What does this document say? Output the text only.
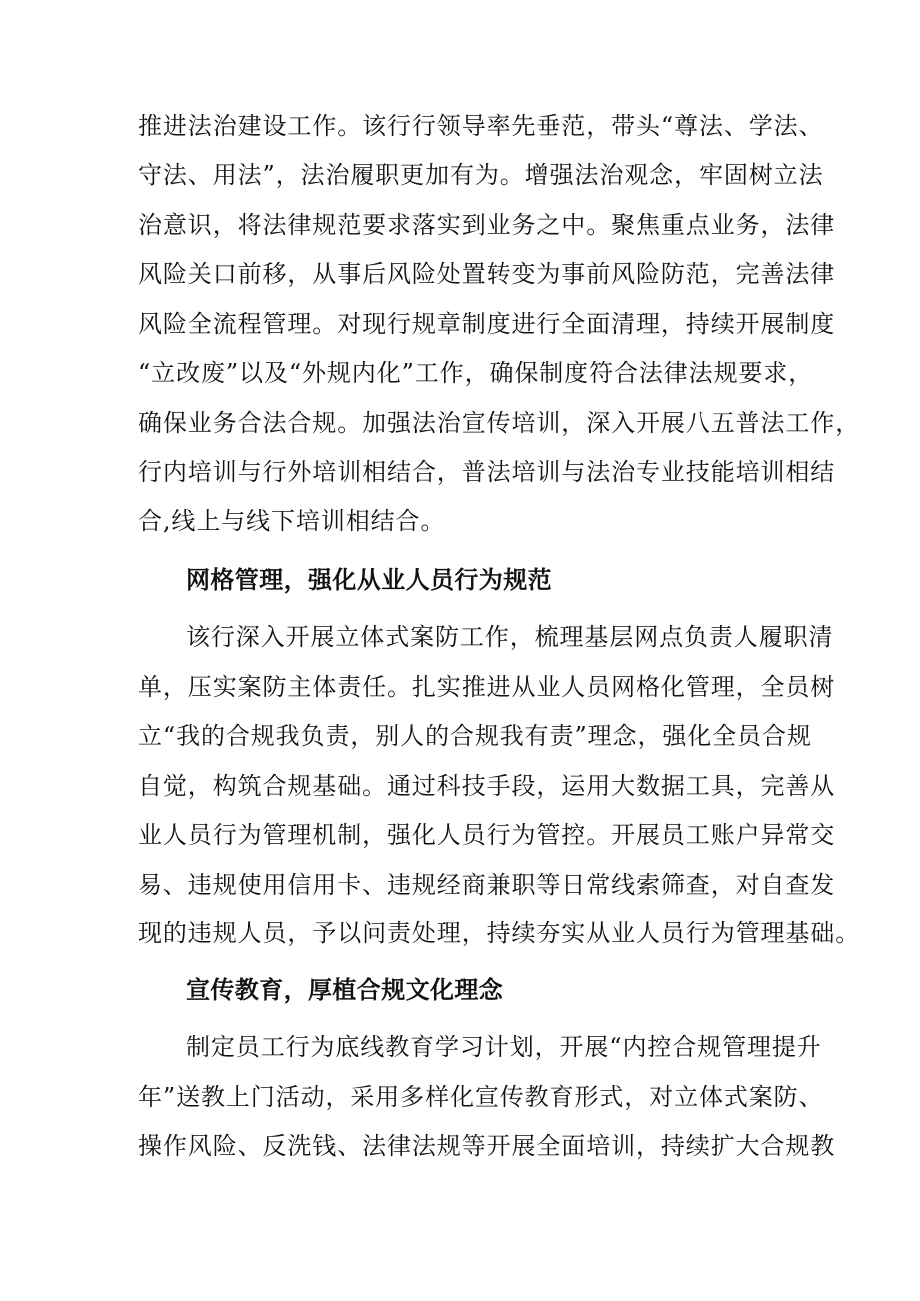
推进法治建设工作。该行行领导率先垂范，带头“尊法、学法、

守法、用法”，法治履职更加有为。增强法治观念，牢固树立法

治意识，将法律规范要求落实到业务之中。聚焦重点业务，法律

风险关口前移，从事后风险处置转变为事前风险防范，完善法律

风险全流程管理。对现行规章制度进行全面清理，持续开展制度

“立改废”以及“外规内化”工作，确保制度符合法律法规要求，

确保业务合法合规。加强法治宣传培训，深入开展八五普法工作，

行内培训与行外培训相结合，普法培训与法治专业技能培训相结

合,线上与线下培训相结合。

网格管理，强化从业人员行为规范

该行深入开展立体式案防工作，梳理基层网点负责人履职清

单，压实案防主体责任。扎实推进从业人员网格化管理，全员树

立“我的合规我负责，别人的合规我有责”理念，强化全员合规

自觉，构筑合规基础。通过科技手段，运用大数据工具，完善从

业人员行为管理机制，强化人员行为管控。开展员工账户异常交

易、违规使用信用卡、违规经商兼职等日常线索筛查，对自查发

现的违规人员，予以问责处理，持续夯实从业人员行为管理基础。

宣传教育，厚植合规文化理念

制定员工行为底线教育学习计划，开展“内控合规管理提升

年”送教上门活动，采用多样化宣传教育形式，对立体式案防、

操作风险、反洗钱、法律法规等开展全面培训，持续扩大合规教
